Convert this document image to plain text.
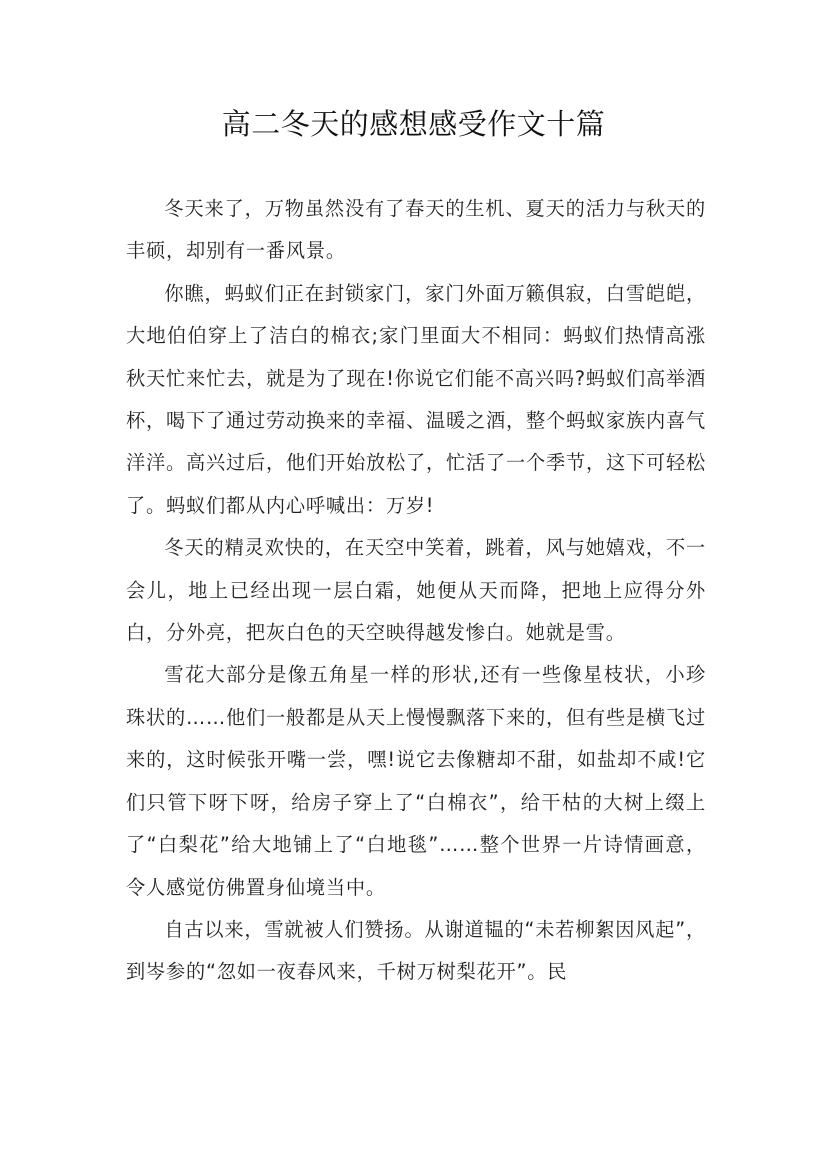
高二冬天的感想感受作文十篇

冬天来了，万物虽然没有了春天的生机、夏天的活力与秋天的丰硕，却别有一番风景。

你瞧，蚂蚁们正在封锁家门，家门外面万籁俱寂，白雪皑皑，大地伯伯穿上了洁白的棉衣;家门里面大不相同：蚂蚁们热情高涨秋天忙来忙去，就是为了现在!你说它们能不高兴吗?蚂蚁们高举酒杯，喝下了通过劳动换来的幸福、温暖之酒，整个蚂蚁家族内喜气洋洋。高兴过后，他们开始放松了，忙活了一个季节，这下可轻松了。蚂蚁们都从内心呼喊出：万岁!

冬天的精灵欢快的，在天空中笑着，跳着，风与她嬉戏，不一会儿，地上已经出现一层白霜，她便从天而降，把地上应得分外白，分外亮，把灰白色的天空映得越发惨白。她就是雪。

雪花大部分是像五角星一样的形状,还有一些像星枝状，小珍珠状的……他们一般都是从天上慢慢飘落下来的，但有些是横飞过来的，这时候张开嘴一尝，嘿!说它去像糖却不甜，如盐却不咸!它们只管下呀下呀，给房子穿上了“白棉衣”，给干枯的大树上缀上了“白梨花”给大地铺上了“白地毯”……整个世界一片诗情画意，令人感觉仿佛置身仙境当中。

自古以来，雪就被人们赞扬。从谢道韫的“未若柳絮因风起”，到岑参的“忽如一夜春风来，千树万树梨花开”。民
